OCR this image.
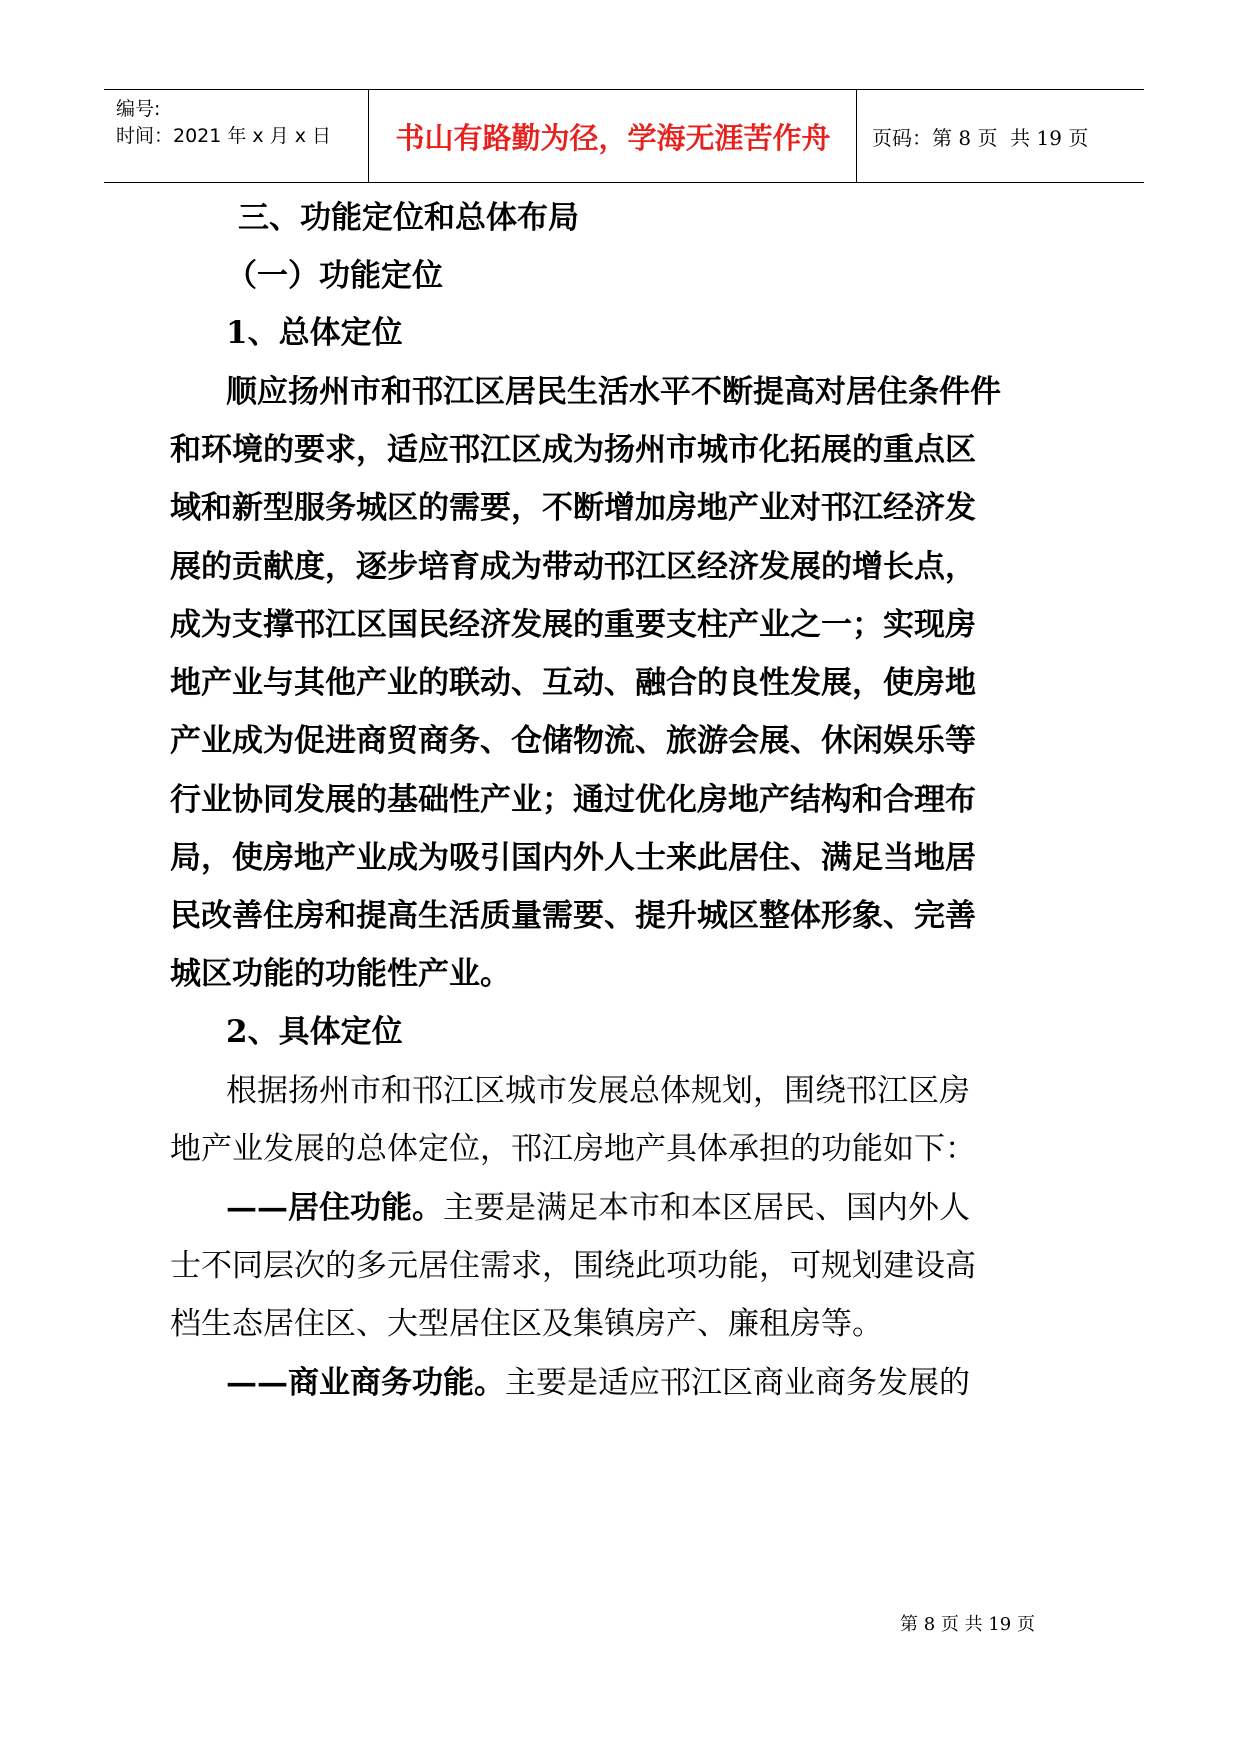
编号:
时间：2021 年 x 月 x 日	书山有路勤为径，学海无涯苦作舟	页码：第 8 页  共 19 页
三、功能定位和总体布局
（一）功能定位
1、总体定位
顺 应 扬 州 市 和 邗 江 区 居 民 生 活 水 平 不 断 提 高 对 居 住 条 件 件
和 环 境 的 要 求 ， 适 应 邗 江 区 成 为 扬 州 市 城 市 化 拓 展 的 重 点 区
域 和 新 型 服 务 城 区 的 需 要 ， 不 断 增 加 房 地 产 业 对 邗 江 经 济 发
展 的 贡 献 度 ， 逐 步 培 育 成 为 带 动 邗 江 区 经 济 发 展 的 增 长 点 ，
成 为 支 撑 邗 江 区 国 民 经 济 发 展 的 重 要 支 柱 产 业 之 一 ； 实 现 房
地 产 业 与 其 他 产 业 的 联 动 、 互 动 、 融 合 的 良 性 发 展 ， 使 房 地
产 业 成 为 促 进 商 贸 商 务 、 仓 储 物 流 、 旅 游 会 展 、 休 闲 娱 乐 等
行 业 协 同 发 展 的 基 础 性 产 业 ； 通 过 优 化 房 地 产 结 构 和 合 理 布
局 ， 使 房 地 产 业 成 为 吸 引 国 内 外 人 士 来 此 居 住 、 满 足 当 地 居
民 改 善 住 房 和 提 高 生 活 质 量 需 要 、 提 升 城 区 整 体 形 象 、 完 善
城区功能的功能性产业。
2、具体定位
根 据 扬 州 市 和 邗 江 区 城 市 发 展 总 体 规 划 ， 围 绕 邗 江 区 房
地 产 业 发 展 的 总 体 定 位 ， 邗 江 房 地 产 具 体 承 担 的 功 能 如 下 ：
——居住功能。主要是满足本市和本区居民、国内外人
士 不 同 层 次 的 多 元 居 住 需 求 ， 围 绕 此 项 功 能 ， 可 规 划 建 设 高
档生态居住区、大型居住区及集镇房产、廉租房等。
——商业商务功能。主要是适应邗江区商业商务发展的
第 8 页 共 19 页
